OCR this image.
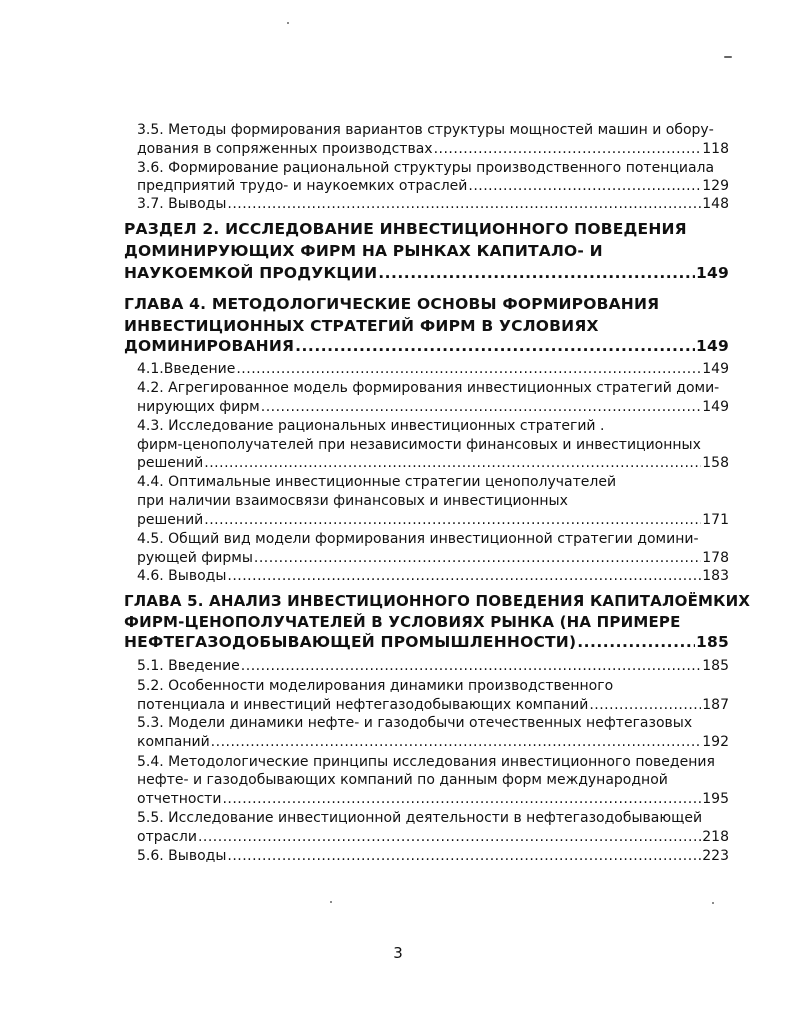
3.5. Методы формирования вариантов структуры мощностей машин и обору-
дования в сопряженных производствах .....	118
3.6. Формирование рациональной структуры производственного потенциала
предприятий трудо- и наукоемких отраслей .....	129
3.7. Выводы .....	148
РАЗДЕЛ 2. ИССЛЕДОВАНИЕ ИНВЕСТИЦИОННОГО ПОВЕДЕНИЯ
ДОМИНИРУЮЩИХ ФИРМ НА РЫНКАХ КАПИТАЛО- И
НАУКОЕМКОЙ ПРОДУКЦИИ .....	149
ГЛАВА 4. МЕТОДОЛОГИЧЕСКИЕ ОСНОВЫ ФОРМИРОВАНИЯ
ИНВЕСТИЦИОННЫХ СТРАТЕГИЙ ФИРМ В УСЛОВИЯХ
ДОМИНИРОВАНИЯ .....	149
4.1.Введение .....	149
4.2. Агрегированное модель формирования инвестиционных стратегий доми-
нирующих фирм .....	149
4.3. Исследование рациональных инвестиционных стратегий .
фирм-ценополучателей при независимости финансовых и инвестиционных
решений .....	158
4.4. Оптимальные инвестиционные стратегии ценополучателей
при наличии взаимосвязи финансовых и инвестиционных
решений .....	171
4.5. Общий вид модели формирования инвестиционной стратегии домини-
рующей фирмы .....	178
4.6. Выводы .....	183
ГЛАВА 5. АНАЛИЗ ИНВЕСТИЦИОННОГО ПОВЕДЕНИЯ КАПИТАЛОЁМКИХ
ФИРМ-ЦЕНОПОЛУЧАТЕЛЕЙ В УСЛОВИЯХ РЫНКА (НА ПРИМЕРЕ
НЕФТЕГАЗОДОБЫВАЮЩЕЙ ПРОМЫШЛЕННОСТИ) .....	185
5.1. Введение .....	185
5.2. Особенности моделирования динамики производственного
потенциала и инвестиций нефтегазодобывающих компаний .....	187
5.3. Модели динамики нефте- и газодобычи отечественных нефтегазовых
компаний .....	192
5.4. Методологические принципы исследования инвестиционного поведения
нефте- и газодобывающих компаний по данным форм международной
отчетности .....	195
5.5. Исследование инвестиционной деятельности в нефтегазодобывающей
отрасли .....	218
5.6. Выводы .....	223
3
